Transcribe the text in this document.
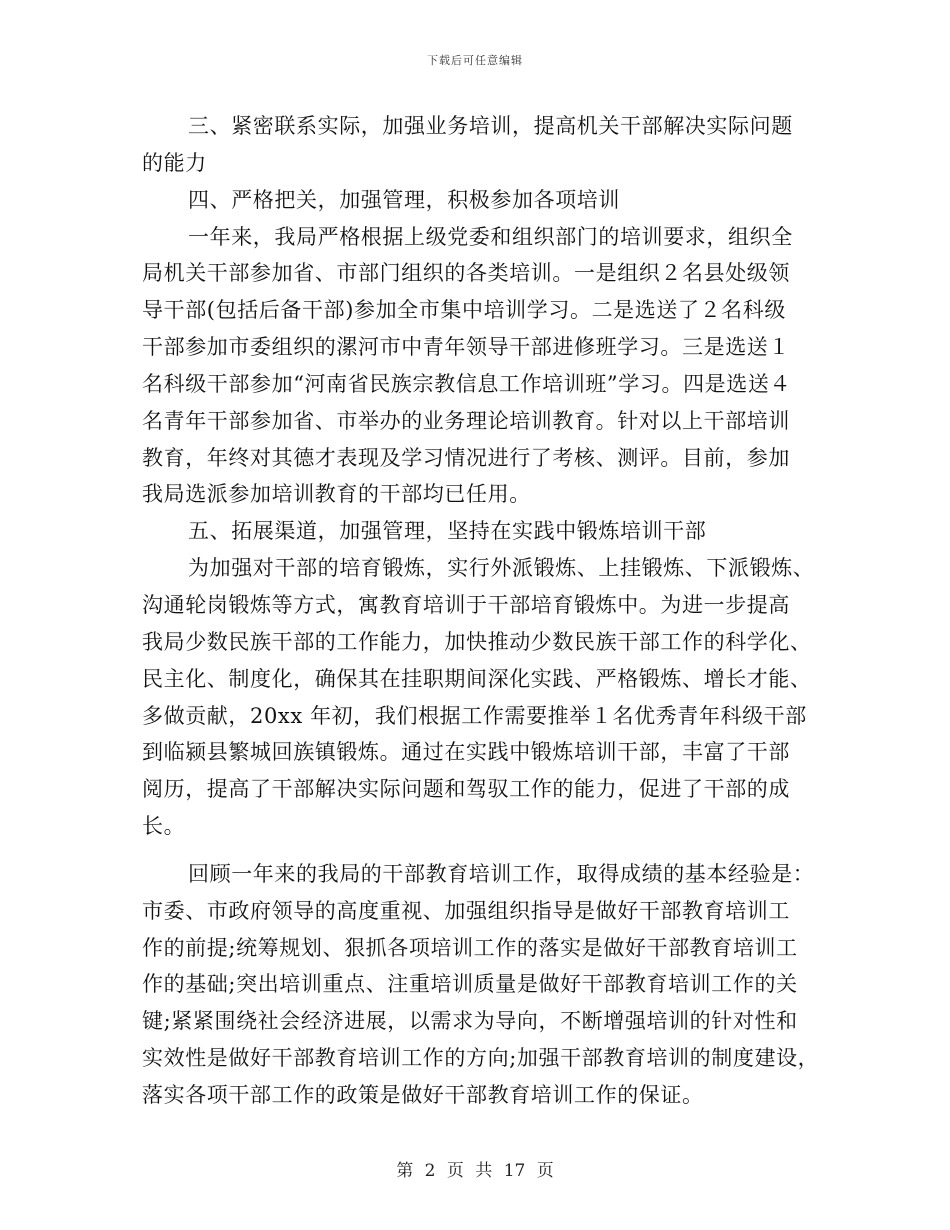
下载后可任意编辑
三、紧密联系实际，加强业务培训，提高机关干部解决实际问题
的能力
四、严格把关，加强管理，积极参加各项培训
一年来，我局严格根据上级党委和组织部门的培训要求，组织全
局机关干部参加省、市部门组织的各类培训。一是组织２名县处级领
导干部(包括后备干部)参加全市集中培训学习。二是选送了２名科级
干部参加市委组织的漯河市中青年领导干部进修班学习。三是选送１
名科级干部参加“河南省民族宗教信息工作培训班”学习。四是选送４
名青年干部参加省、市举办的业务理论培训教育。针对以上干部培训
教育，年终对其德才表现及学习情况进行了考核、测评。目前，参加
我局选派参加培训教育的干部均已任用。
五、拓展渠道，加强管理，坚持在实践中锻炼培训干部
为加强对干部的培育锻炼，实行外派锻炼、上挂锻炼、下派锻炼、
沟通轮岗锻炼等方式，寓教育培训于干部培育锻炼中。为进一步提高
我局少数民族干部的工作能力，加快推动少数民族干部工作的科学化、
民主化、制度化，确保其在挂职期间深化实践、严格锻炼、增长才能、
多做贡献，20xx 年初，我们根据工作需要推举１名优秀青年科级干部
到临颍县繁城回族镇锻炼。通过在实践中锻炼培训干部，丰富了干部
阅历，提高了干部解决实际问题和驾驭工作的能力，促进了干部的成
长。
回顾一年来的我局的干部教育培训工作，取得成绩的基本经验是：
市委、市政府领导的高度重视、加强组织指导是做好干部教育培训工
作的前提;统筹规划、狠抓各项培训工作的落实是做好干部教育培训工
作的基础;突出培训重点、注重培训质量是做好干部教育培训工作的关
键;紧紧围绕社会经济进展，以需求为导向，不断增强培训的针对性和
实效性是做好干部教育培训工作的方向;加强干部教育培训的制度建设，
落实各项干部工作的政策是做好干部教育培训工作的保证。
第 2 页 共 17 页
